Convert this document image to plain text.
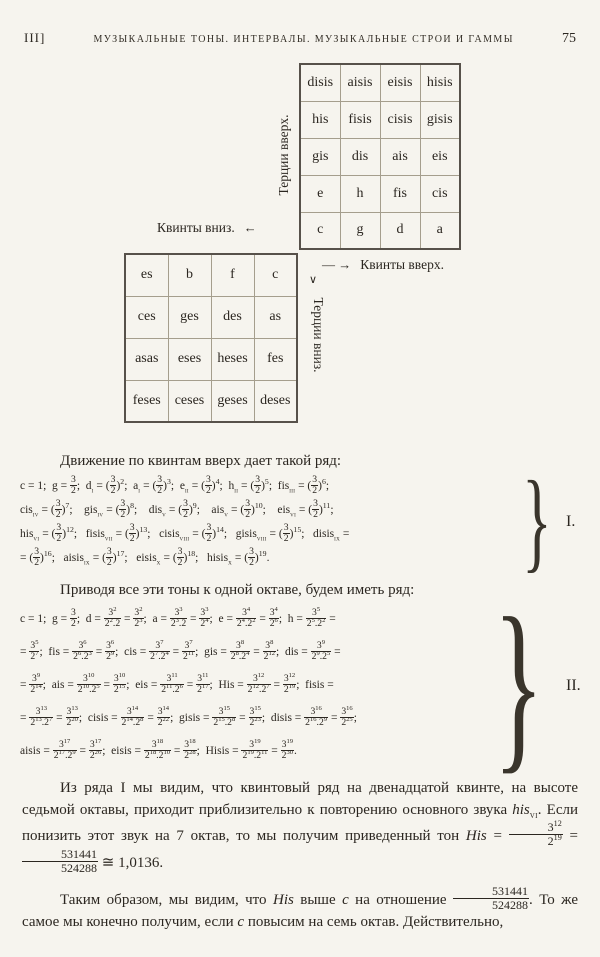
III]	МУЗЫКАЛЬНЫЕ ТОНЫ. ИНТЕРВАЛЫ. МУЗЫКАЛЬНЫЕ СТРОИ И ГАММЫ	75
disis	aisis	eisis	hisis
his	fisis	cisis	gisis
gis	dis	ais	eis
e	h	fis	cis
c	g	d	a
Терции вверх.
Квинты вниз. ←
es	b	f	c
ces	ges	des	as
asas	eses	heses	fes
feses	ceses	geses	deses
— → Квинты вверх.
∨
Терции вниз.

Движение по квинтам вверх дает такой ряд:

c = 1;  $g = \frac{3}{2}$ ;  $d_i$ = ( $\frac{3}{2} )^2$;  $a_i$ = ( $\frac{3}{2} )^3$;  $e_{ii}$ = ( $\frac{3}{2} )^4$;  $h_{ii}$ = ( $\frac{3}{2} )^5$;  fis$_{iii}$ = ( $\frac{3}{2} )^6$;
cis$_{iv}$ = ( $\frac{3}{2} )^7$;    gis$_{iv}$ = ( $\frac{3}{2} )^8$;    dis$_v$ = ( $\frac{3}{2} )^9$;    ais$_v$ = ( $\frac{3}{2} )^{10}$;    eis$_{vi}$ = ( $\frac{3}{2} )^{11}$;
his$_{vi}$ = ( $\frac{3}{2} )^{12}$;   fisis$_{vii}$ = ( $\frac{3}{2} )^{13}$;   cisis$_{viii}$ = ( $\frac{3}{2} )^{14}$;   gisis$_{viii}$ = ( $\frac{3}{2} )^{15}$;   disis$_{ix}$ =
= ( $\frac{3}{2} )^{16}$;   aisis$_{ix}$ = ( $\frac{3}{2} )^{17}$;   eisis$_x$ = ( $\frac{3}{2} )^{18}$;   hisis$_x$ = ( $\frac{3}{2} )^{19}$.	} I.

Приводя все эти тоны к одной октаве, будем иметь ряд:

c = 1;  $g = \frac{3}{2}$ ;  $d = \frac{3^2}{2^2.2} = \frac{3^2}{2^3}$ ;  $a = \frac{3^3}{2^3.2} = \frac{3^3}{2^4}$ ;  $e = \frac{3^4}{2^4.2^2} = \frac{3^4}{2^6}$ ;  $h = \frac{3^5}{2^5.2^2}$ =
= $\frac{3^5}{2^7}$ ;  fis = $\frac{3^6}{2^6.2^3} = \frac{3^6}{2^9}$ ;  cis = $\frac{3^7}{2^7.2^4} = \frac{3^7}{2^{11}}$ ;  gis = $\frac{3^8}{2^8.2^4} = \frac{3^8}{2^{12}}$ ;  dis = $\frac{3^9}{2^9.2^5}$ =
= $\frac{3^9}{2^{14}}$ ;  ais = $\frac{3^{10}}{2^{10}.2^5} = \frac{3^{10}}{2^{15}}$ ;  eis = $\frac{3^{11}}{2^{11}.2^6} = \frac{3^{11}}{2^{17}}$ ;  His = $\frac{3^{12}}{2^{12}.2^7} = \frac{3^{12}}{2^{19}}$ ;  fisis =
= $\frac{3^{13}}{2^{13}.2^7} = \frac{3^{13}}{2^{20}}$ ;  cisis = $\frac{3^{14}}{2^{14}.2^8} = \frac{3^{14}}{2^{22}}$ ;  gisis = $\frac{3^{15}}{2^{15}.2^8} = \frac{3^{15}}{2^{23}}$ ;  disis = $\frac{3^{16}}{2^{16}.2^9} = \frac{3^{16}}{2^{25}}$ ;
aisis = $\frac{3^{17}}{2^{17}.2^9} = \frac{3^{17}}{2^{26}}$ ;  eisis = $\frac{3^{18}}{2^{18}.2^{10}} = \frac{3^{18}}{2^{28}}$ ;  Hisis = $\frac{3^{19}}{2^{19}.2^{11}} = \frac{3^{19}}{2^{30}}$ .	} II.

Из ряда I мы видим, что квинтовый ряд на двенадцатой квинте, на высоте седьмой октавы, приходит приблизительно к повторению основного звука his$_{vi}$. Если понизить этот звук на 7 октав, то мы получим приведенный тон His = $\frac{3^{12}}{2^{19}}$ =
$\frac{531441}{524288}$ ≅ 1,0136.

Таким образом, мы видим, что His выше c на отношение $\frac{531441}{524288}$ . То же самое мы конечно получим, если c повысим на семь октав. Действительно,
